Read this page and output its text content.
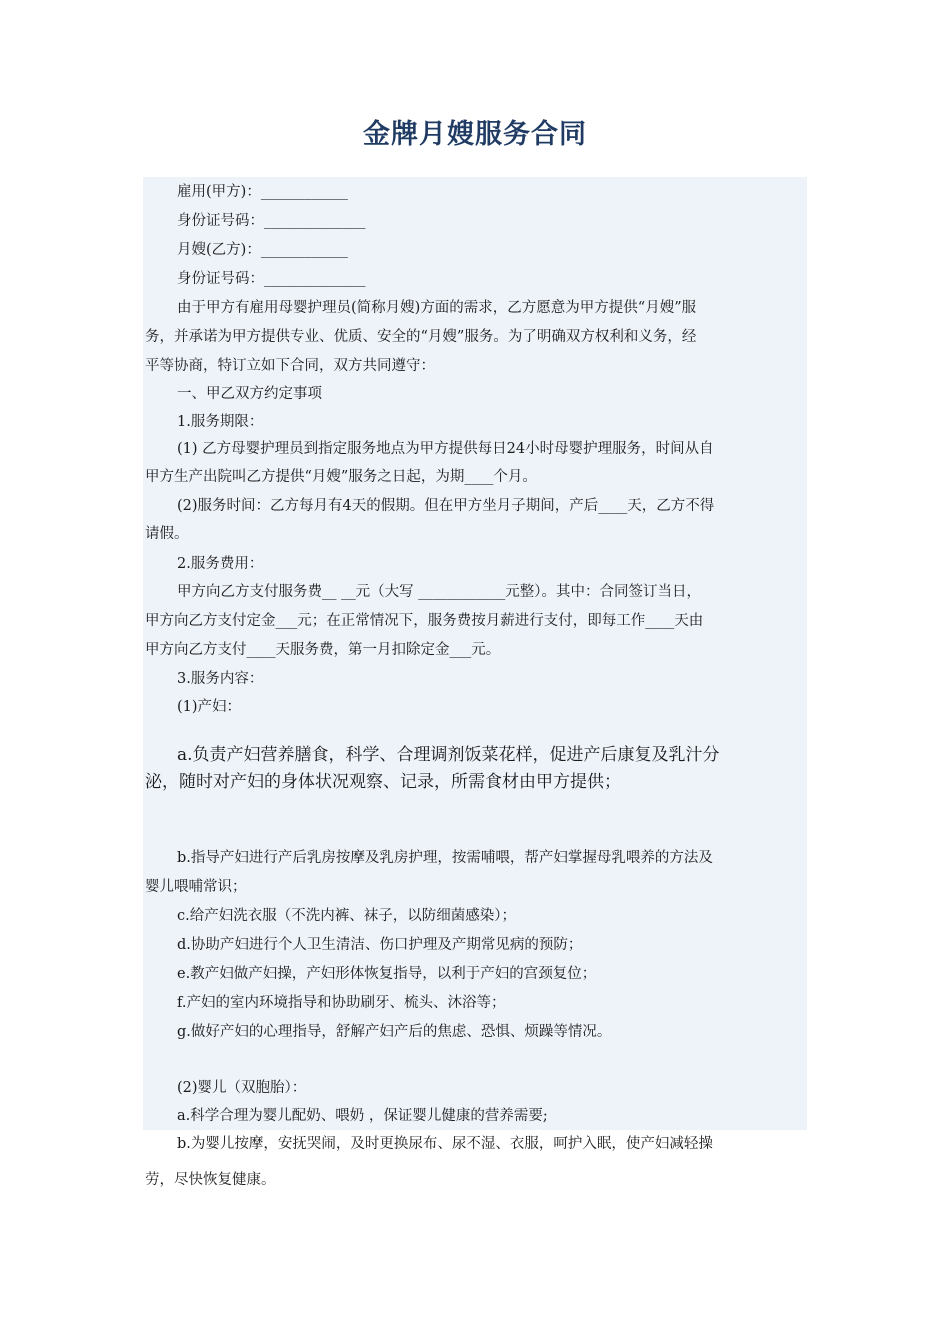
金牌月嫂服务合同

雇用(甲方)：____________

身份证号码：______________

月嫂(乙方)：____________

身份证号码：______________

由于甲方有雇用母婴护理员(简称月嫂)方面的需求，乙方愿意为甲方提供“月嫂”服

务，并承诺为甲方提供专业、优质、安全的“月嫂”服务。为了明确双方权利和义务，经

平等协商，特订立如下合同，双方共同遵守：

一、甲乙双方约定事项

1.服务期限：

(1) 乙方母婴护理员到指定服务地点为甲方提供每日24小时母婴护理服务，时间从自

甲方生产出院叫乙方提供“月嫂”服务之日起，为期____个月。

(2)服务时间：乙方每月有4天的假期。但在甲方坐月子期间，产后____天，乙方不得

请假。

2.服务费用：

甲方向乙方支付服务费__ __元（大写 ____________元整）。其中：合同签订当日，

甲方向乙方支付定金___元；在正常情况下，服务费按月薪进行支付，即每工作____天由

甲方向乙方支付____天服务费，第一月扣除定金___元。

3.服务内容：

(1)产妇：

a.负责产妇营养膳食，科学、合理调剂饭菜花样，促进产后康复及乳汁分

泌，随时对产妇的身体状况观察、记录，所需食材由甲方提供；

b.指导产妇进行产后乳房按摩及乳房护理，按需哺喂，帮产妇掌握母乳喂养的方法及

婴儿喂哺常识；

c.给产妇洗衣服（不洗内裤、袜子，以防细菌感染）；

d.协助产妇进行个人卫生清洁、伤口护理及产期常见病的预防；

e.教产妇做产妇操，产妇形体恢复指导，以利于产妇的宫颈复位；

f.产妇的室内环境指导和协助刷牙、梳头、沐浴等；

g.做好产妇的心理指导，舒解产妇产后的焦虑、恐惧、烦躁等情况。

(2)婴儿（双胞胎）：

a.科学合理为婴儿配奶、喂奶 ，保证婴儿健康的营养需要;

b.为婴儿按摩，安抚哭闹，及时更换尿布、尿不湿、衣服，呵护入眠，使产妇减轻操

劳，尽快恢复健康。
